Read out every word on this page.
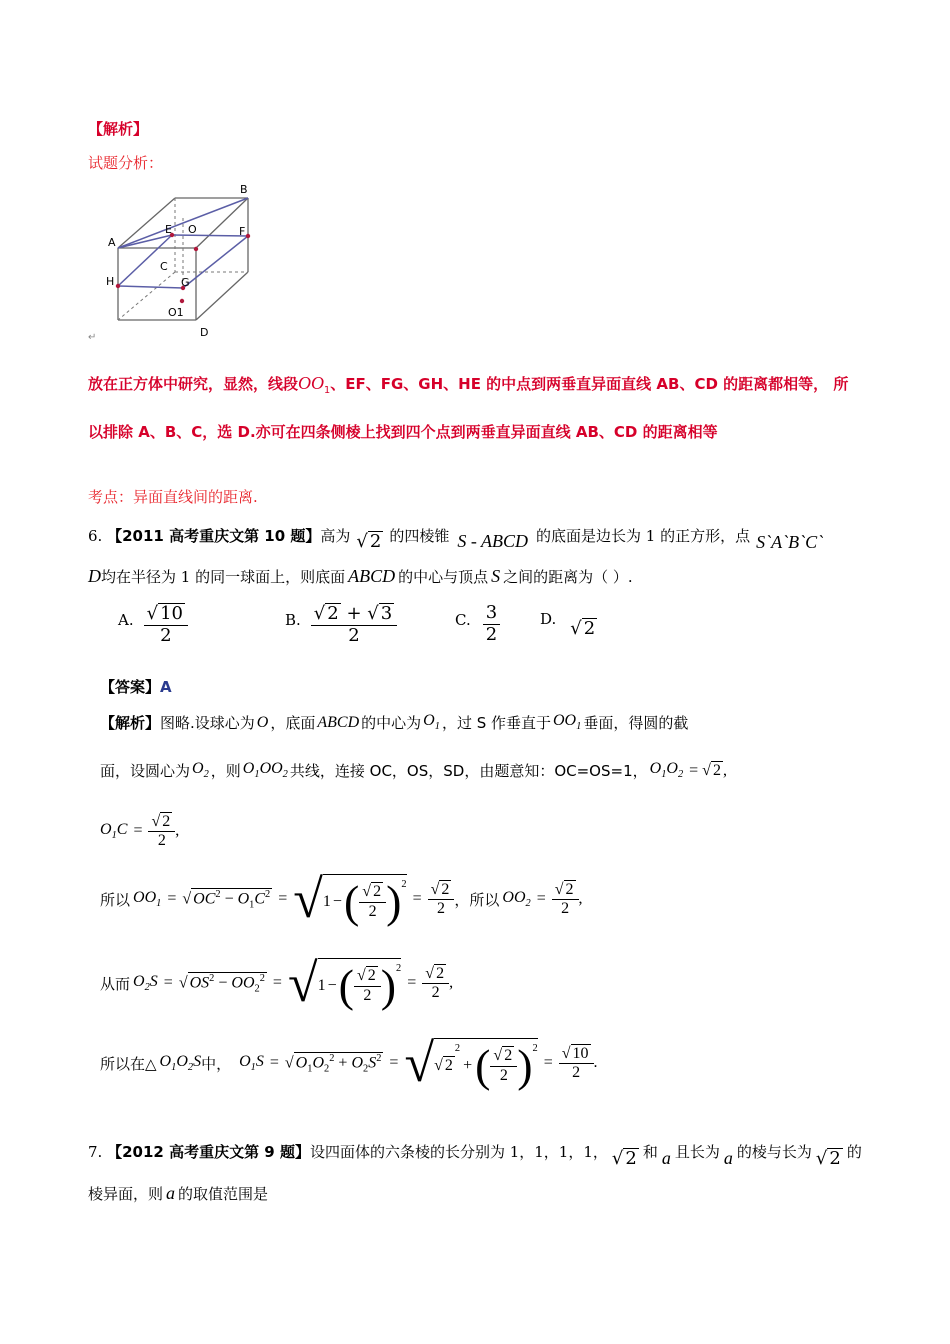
【解析】
试题分析：
B
E O	F
A
C
H	G
O1
D
↵
放在正方体中研究，显然，线段$OO_1$、EF、FG、GH、HE 的中点到两垂直异面直线 AB、CD 的距离都相等， 所
以排除 A、B、C，选 D.亦可在四条侧棱上找到四个点到两垂直异面直线 AB、CD 的距离相等
考点：异面直线间的距离.
6.
【2011 高考重庆文第 10 题】 高为 √ 2 的四棱锥 S - ABCD 的底面是边长为 1 的正方形，点 S`A`B`C`
D 均在半径为 1 的同一球面上，则底面 ABCD 的中心与顶点 S 之间的距离为（ ）.
A. $\frac{√ 10}{2}$	B. $\frac{√ 2 + √ 3}{2}$	C. $\frac{3}{2}$	D. √ 2
【答案】A
【解析】 图略.设球心为 O ，底面 ABCD 的中心为 $O_1$ ，过 S 作垂直于 $OO_1$ 垂面，得圆的截
面，设圆心为 $O_2$ ，则 $O_1OO_2$ 共线，连接 OC，OS，SD，由题意知：OC=OS=1， $O_1O_2$ = √ 2 ,
$O_1C = \frac{√ 2}{2}$ ,
所以 $OO_1$ = √ $OC^2 - O_1C^2$ = √ 1 − ( $\frac{√ 2}{2} )^2$
= $\frac{√ 2}{2}$ ，所以 $OO_2 = \frac{√ 2}{2}$ ,
从而 $O_2S$ = √ $OS^2 - OO_2^2$ = √ 1 − ( $\frac{√ 2}{2} )^2$
= $\frac{√ 2}{2}$ ,
所以在△ $O_1O_2S$ 中， $O_1S$ = √ $O_1O_2^2 + O_2S^2$ = √ √ 2
2
+ ( $\frac{√ 2}{2} )^2$
= $\frac{√ 10}{2}$ .
7.
【2012 高考重庆文第 9 题】 设四面体的六条棱的长分别为 1，1，1，1， √ 2 和 a 且长为 a 的棱与长为 √ 2 的
棱异面，则 a 的取值范围是
